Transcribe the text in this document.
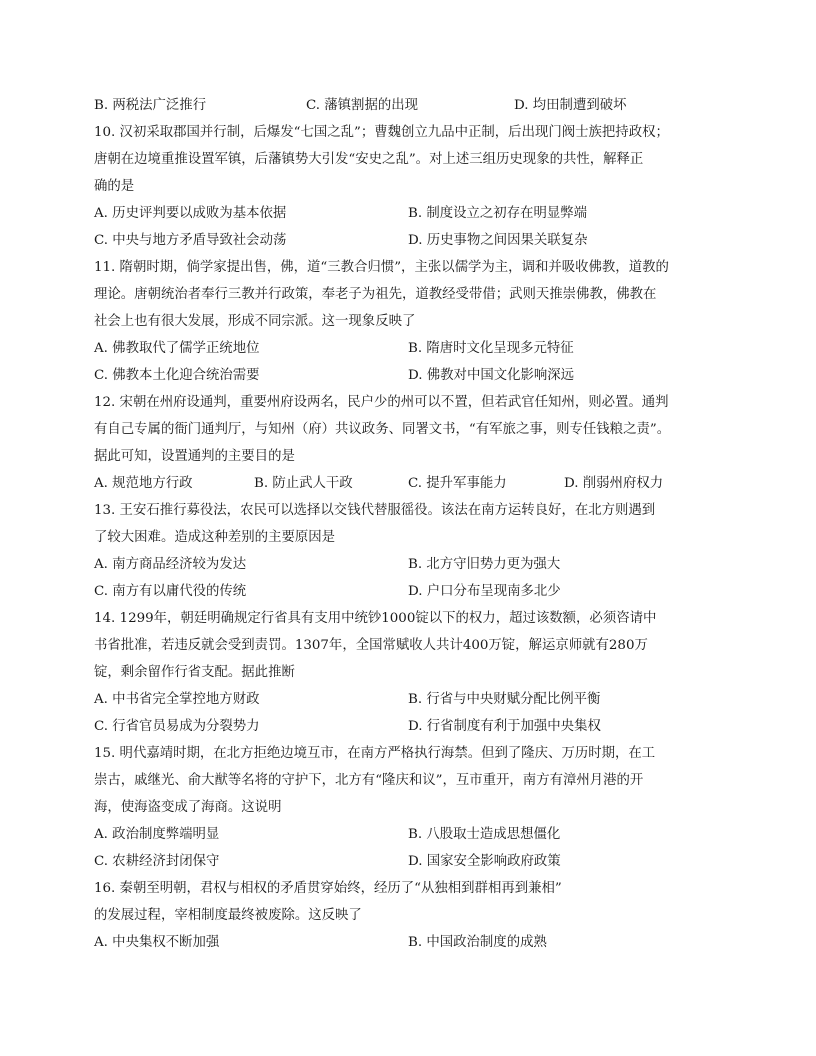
B. 两税法广泛推行	C. 藩镇割据的出现	D. 均田制遭到破坏
10. 汉初采取郡国并行制，后爆发“七国之乱”；曹魏创立九品中正制，后出现门阀士族把持政权；
唐朝在边境重推设置军镇，后藩镇势大引发“安史之乱”。对上述三组历史现象的共性，解释正
确的是
A. 历史评判要以成败为基本依据	B. 制度设立之初存在明显弊端
C. 中央与地方矛盾导致社会动荡	D. 历史事物之间因果关联复杂
11. 隋朝时期，倘学家提出售，佛，道“三教合归惯”，主张以儒学为主，调和并吸收佛教，道教的
理论。唐朝统治者奉行三教并行政策，奉老子为祖先，道教经受带借；武则天推崇佛教，佛教在
社会上也有很大发展，形成不同宗派。这一现象反映了
A. 佛教取代了儒学正统地位	B. 隋唐时文化呈现多元特征
C. 佛教本土化迎合统治需要	D. 佛教对中国文化影响深远
12. 宋朝在州府设通判，重要州府设两名，民户少的州可以不置，但若武官任知州，则必置。通判
有自己专属的衙门通判厅，与知州（府）共议政务、同署文书，“有军旅之事，则专任钱粮之责”。
据此可知，设置通判的主要目的是
A. 规范地方行政	B. 防止武人干政	C. 提升军事能力	D. 削弱州府权力
13. 王安石推行募役法，农民可以选择以交钱代替服徭役。该法在南方运转良好，在北方则遇到
了较大困难。造成这种差别的主要原因是
A. 南方商品经济较为发达	B. 北方守旧势力更为强大
C. 南方有以庸代役的传统	D. 户口分布呈现南多北少
14. 1299年，朝廷明确规定行省具有支用中统钞1000锭以下的权力，超过该数额，必须咨请中
书省批准，若违反就会受到责罚。1307年，全国常赋收人共计400万锭，解运京师就有280万
锭，剩余留作行省支配。据此推断
A. 中书省完全掌控地方财政	B. 行省与中央财赋分配比例平衡
C. 行省官员易成为分裂势力	D. 行省制度有利于加强中央集权
15. 明代嘉靖时期，在北方拒绝边境互市，在南方严格执行海禁。但到了隆庆、万历时期，在工
崇古，戚继光、俞大猷等名将的守护下，北方有“隆庆和议”，互市重开，南方有漳州月港的开
海，使海盗变成了海商。这说明
A. 政治制度弊端明显	B. 八股取士造成思想僵化
C. 农耕经济封闭保守	D. 国家安全影响政府政策
16. 秦朝至明朝，君权与相权的矛盾贯穿始终，经历了“从独相到群相再到兼相”
的发展过程，宰相制度最终被废除。这反映了
A. 中央集权不断加强	B. 中国政治制度的成熟
